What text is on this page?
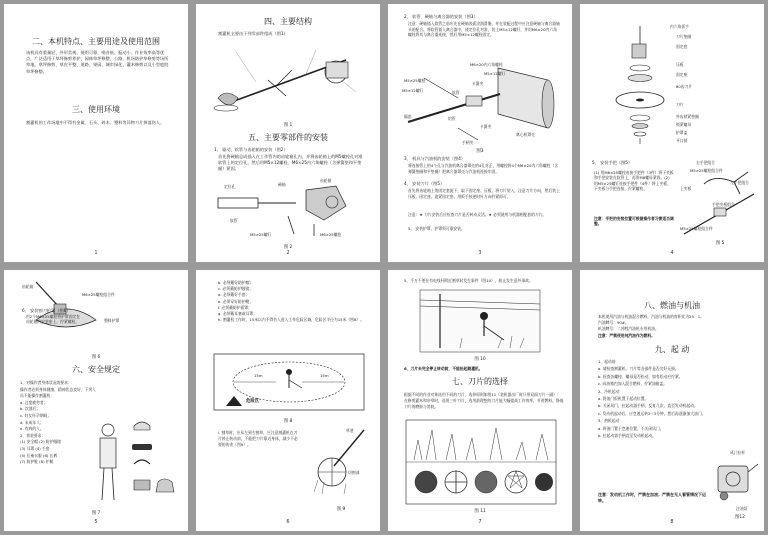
二、本机特点、主要用途及使用范围
该机具有重量轻、外形美观、使用可靠、噪音低、振动小、作业效率高等优点，广泛适用于草坪修剪养护、园林草坪修整、公路、机场防护草修剪等场所草地，草坪修剪、草皮平整、道路、果园、城市绿化、灌木修剪以及小型庭院草坪修整。
三、使用环境
割灌机的工作场地中不得有金属、石头、碎木、塑料等异物刀片掉落伤人。
1
四、主要结构
割灌机主要由下列零部件组成（图1）
图 1
五、主要零部件的安装
1、 驱动、软管与齿轮箱的安装（图2）
首先将硬轴总成插入在工作管内的齿轮箱孔内，并将齿轮箱上的M5螺栓孔对准软管上的定位孔，然后用M5×12螺栓、M6×25内六角螺栓（含弹簧垫和平垫圈）紧固。
定位孔	硬轴
齿轮箱
软管
M5×25螺钉	M6×25螺栓
图 2
2
2、 软管、硬轴与离合器的安装（图3）
注意：硬轴插入软管之前应先在硬轴表面涂润滑脂，并在装配过程中应注意硬轴与离合器轴头的配合。将软管插入离合器中，使定位孔对准，装上M5×12螺钉，并用M6×20内六角螺栓将其与离合器连接，然后用M5×12螺栓固定。
M6×20内六角螺栓
M5×12螺钉
卡簧夹
软管
M5×25螺栓
M5×12螺钉
隔套	铝管
卡簧夹
离心机罩壳
手柄夹
图3
3、 机具与汽油机的安装（图4）
将连接管上的4个孔与汽油机离合器罩壳的4孔对正，用螺栓将4个M6×20内六角螺栓（含弹簧垫圈和平垫圈）把离合器罩壳与汽油机连接牢固。
4、 安装刀片（图5）
首先将齿轮箱上的固定套旋下，取下固定座、压板，将刀片装入，注意刀片方向，然后装上压板、固定座，旋紧固定套，用扳手按逆时针方向拧紧即可。
注意：★ 刀片安装后应检查刀片是否转动灵活。★ 必须使用与机器相配套的刀片。
5、 安装护罩，护罩须可靠安装。
3
内六角扳手
刀片垫圈
固定套
压板
固定座
80齿刀片
刀片
外齿锁紧垫圈
锁紧螺母
护罩盖
开口销
5、 安装手把（图5）
(1) 用M6×25螺栓连接手把件（3件）将下夹板和手把安装在软管上，再用M6螺母紧固。(2) 用M5×25螺钉连接手把件（4件）将上夹板、下夹板与手把连接，拧紧螺栓。
注意：手把的安装位置可根据操作者习惯适当调整。
右手把组合
M5×25螺栓组合件
左手把组合
手把夹板组合
上夹板
M5×25螺栓组合件
图 5
4
齿轮箱
M6×25螺栓组合件
塑料护罩
6、 安装割刀护罩（图6）
用2个M6×25螺栓将护罩固定在齿轮箱的安装座上，拧紧螺栓。
图 6
六、安全规定
1、对操作者身体状况的要求：
操作者必须身体健康，精神状态良好，下列人员不能操作割灌机：
a. 过度疲劳者；
b. 饮酒后；
c. 妇女怀孕期间；
d. 未成年人；
e. 有病的人。
2、着装要求：
(1) 安全帽 (2) 防护眼镜
(3) 耳罩 (4) 手套
(5) 长袖衣服 (6) 长裤
(7) 防护鞋 (8) 护腿
图 7
5
b. 必须戴好防护帽；
c. 必须戴防护眼镜；
d. 必须戴好手套；
e. 必须穿好防护靴；
f. 必须戴防护面罩；
g. 必须戴耳塞或耳罩；
h. 割灌机工作时，15米以内不得有人进入工作危险区域，危险区半径为15米（图8）。
15m	15m
危险区
图 8
i. 割草时，应从左到右割草，应注意割灌机在刀片停止转动前，不能把刀片靠近身体，减少不必要的伤害（图9）。
草茎
切割部
图 9
6
5、千万不要在有电线杆附近割草时发生事件（图10），防止发生意外事故。
图 10
6、刀片未完全停止转动前，不能抬起割灌机。
七、刀片的选择
根据不同的作业对象选用不同的刀片，选择原则如图11（装机器出厂时只带双面刀片一副）：在修剪灌木和杂草时，选用三叶刀片，选用最理想的刀片能大幅提高工作效率，节省燃料，降低刀片的磨损与消耗。
图 11
7
八、燃油与机油
本机使用汽油与机油混合燃料，汽油与机油的容积比为25：1。
汽油牌号：90#。
机油牌号：二冲程汽油机专用机油。
注意：严禁使用纯汽油作为燃料。
九、起 动
1、起动前
a. 请检查割灌机、刀片等各部件是否完好无损。
b. 检查各螺栓、螺母是否松动，如有松动应拧紧。
c. 向油箱内加入混合燃料，拧紧油箱盖。
2、冷机起动
a. 将油门扳机置于起动位置。
b. 关闭风门，拉起动器手柄，反复几次，直至发动机起动。
c. 发动机起动后，应怠速运转2~3分钟，然后再逐渐加大油门。
3、热机起动
a. 将油门置于怠速位置，不关闭风门。
b. 拉起动器手柄直至发动机起动。
注意：发动机工作时，严禁在加油；严禁在无人看管情况下运转。
风门拉杆
注油泵
图12
8
